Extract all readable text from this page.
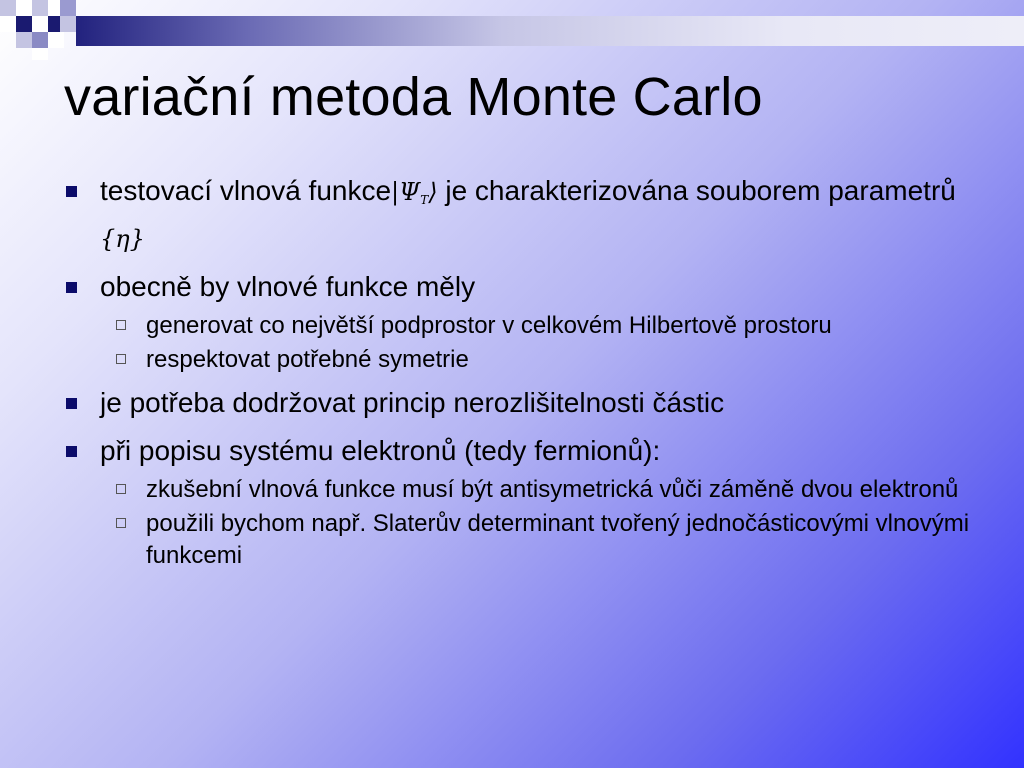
variační metoda Monte Carlo
testovací vlnová $funkce|\Psi_T⟩$ je charakterizována souborem parametrů {η}
obecně by vlnové funkce měly
generovat co největší podprostor v celkovém Hilbertově prostoru
respektovat potřebné symetrie
je potřeba dodržovat princip nerozlišitelnosti částic
při popisu systému elektronů (tedy fermionů):
zkušební vlnová funkce musí být antisymetrická vůči záměně dvou elektronů
použili bychom např. Slaterův determinant tvořený jednočásticovými vlnovými funkcemi
